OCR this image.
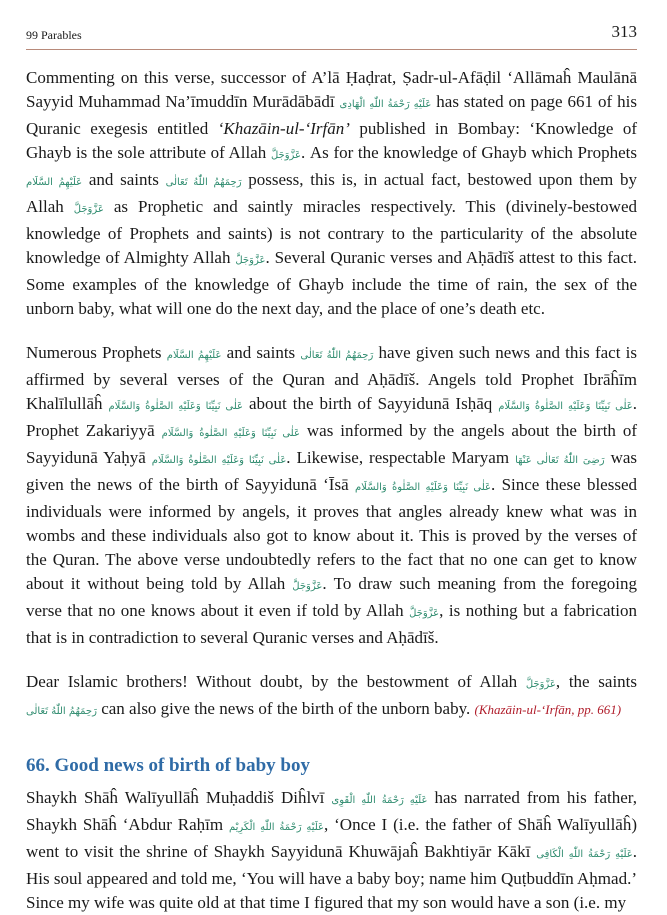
99 Parables	313

Commenting on this verse, successor of A’lā Ḥaḍrat, Ṣadr-ul-Afāḍil ‘Allāmaĥ Maulānā Sayyid Muhammad Na’īmuddīn Murādābādī عَلَيْهِ رَحْمَةُ اللّٰهِ الْهَادِى has stated on page 661 of his Quranic exegesis entitled ‘Khazāin-ul-‘Irfān’ published in Bombay: ‘Knowledge of Ghayb is the sole attribute of Allah عَزَّوَجَلَّ. As for the knowledge of Ghayb which Prophets عَلَيْهِمُ السَّلَام and saints رَحِمَهُمُ اللّٰهُ تَعَالٰى possess, this is, in actual fact, bestowed upon them by Allah عَزَّوَجَلَّ as Prophetic and saintly miracles respectively. This (divinely-bestowed knowledge of Prophets and saints) is not contrary to the particularity of the absolute knowledge of Almighty Allah عَزَّوَجَلَّ. Several Quranic verses and Aḥādīš attest to this fact. Some examples of the knowledge of Ghayb include the time of rain, the sex of the unborn baby, what will one do the next day, and the place of one’s death etc.

Numerous Prophets عَلَيْهِمُ السَّلَام and saints رَحِمَهُمُ اللّٰهُ تَعَالٰى have given such news and this fact is affirmed by several verses of the Quran and Aḥādīš. Angels told Prophet Ibrāĥīm Khalīlullāĥ عَلٰى نَبِيِّنَا وَعَلَيْهِ الصَّلٰوةُ وَالسَّلَام about the birth of Sayyidunā Isḥāq عَلٰى نَبِيِّنَا وَعَلَيْهِ الصَّلٰوةُ وَالسَّلَام. Prophet Zakariyyā عَلٰى نَبِيِّنَا وَعَلَيْهِ الصَّلٰوةُ وَالسَّلَام was informed by the angels about the birth of Sayyidunā Yaḥyā عَلٰى نَبِيِّنَا وَعَلَيْهِ الصَّلٰوةُ وَالسَّلَام. Likewise, respectable Maryam رَضِىَ اللّٰهُ تَعَالٰى عَنْهَا was given the news of the birth of Sayyidunā ‘Īsā عَلٰى نَبِيِّنَا وَعَلَيْهِ الصَّلٰوةُ وَالسَّلَام. Since these blessed individuals were informed by angels, it proves that angles already knew what was in wombs and these individuals also got to know about it. This is proved by the verses of the Quran. The above verse undoubtedly refers to the fact that no one can get to know about it without being told by Allah عَزَّوَجَلَّ. To draw such meaning from the foregoing verse that no one knows about it even if told by Allah عَزَّوَجَلَّ, is nothing but a fabrication that is in contradiction to several Quranic verses and Aḥādīš.

Dear Islamic brothers! Without doubt, by the bestowment of Allah عَزَّوَجَلَّ, the saints رَحِمَهُمُ اللّٰهُ تَعَالٰى can also give the news of the birth of the unborn baby. (Khazāin-ul-‘Irfān, pp. 661)

66. Good news of birth of baby boy

Shaykh Shāĥ Walīyullāĥ Muḥaddiš Diĥlvī عَلَيْهِ رَحْمَةُ اللّٰهِ الْقَوِى has narrated from his father, Shaykh Shāĥ ‘Abdur Raḥīm عَلَيْهِ رَحْمَةُ اللّٰهِ الْكَرِيْم, ‘Once I (i.e. the father of Shāĥ Walīyullāĥ) went to visit the shrine of Shaykh Sayyidunā Khuwājaĥ Bakhtiyār Kākī عَلَيْهِ رَحْمَةُ اللّٰهِ الْكَافِى. His soul appeared and told me, ‘You will have a baby boy; name him Quṭbuddīn Aḥmad.’ Since my wife was quite old at that time I figured that my son would have a son (i.e. my
